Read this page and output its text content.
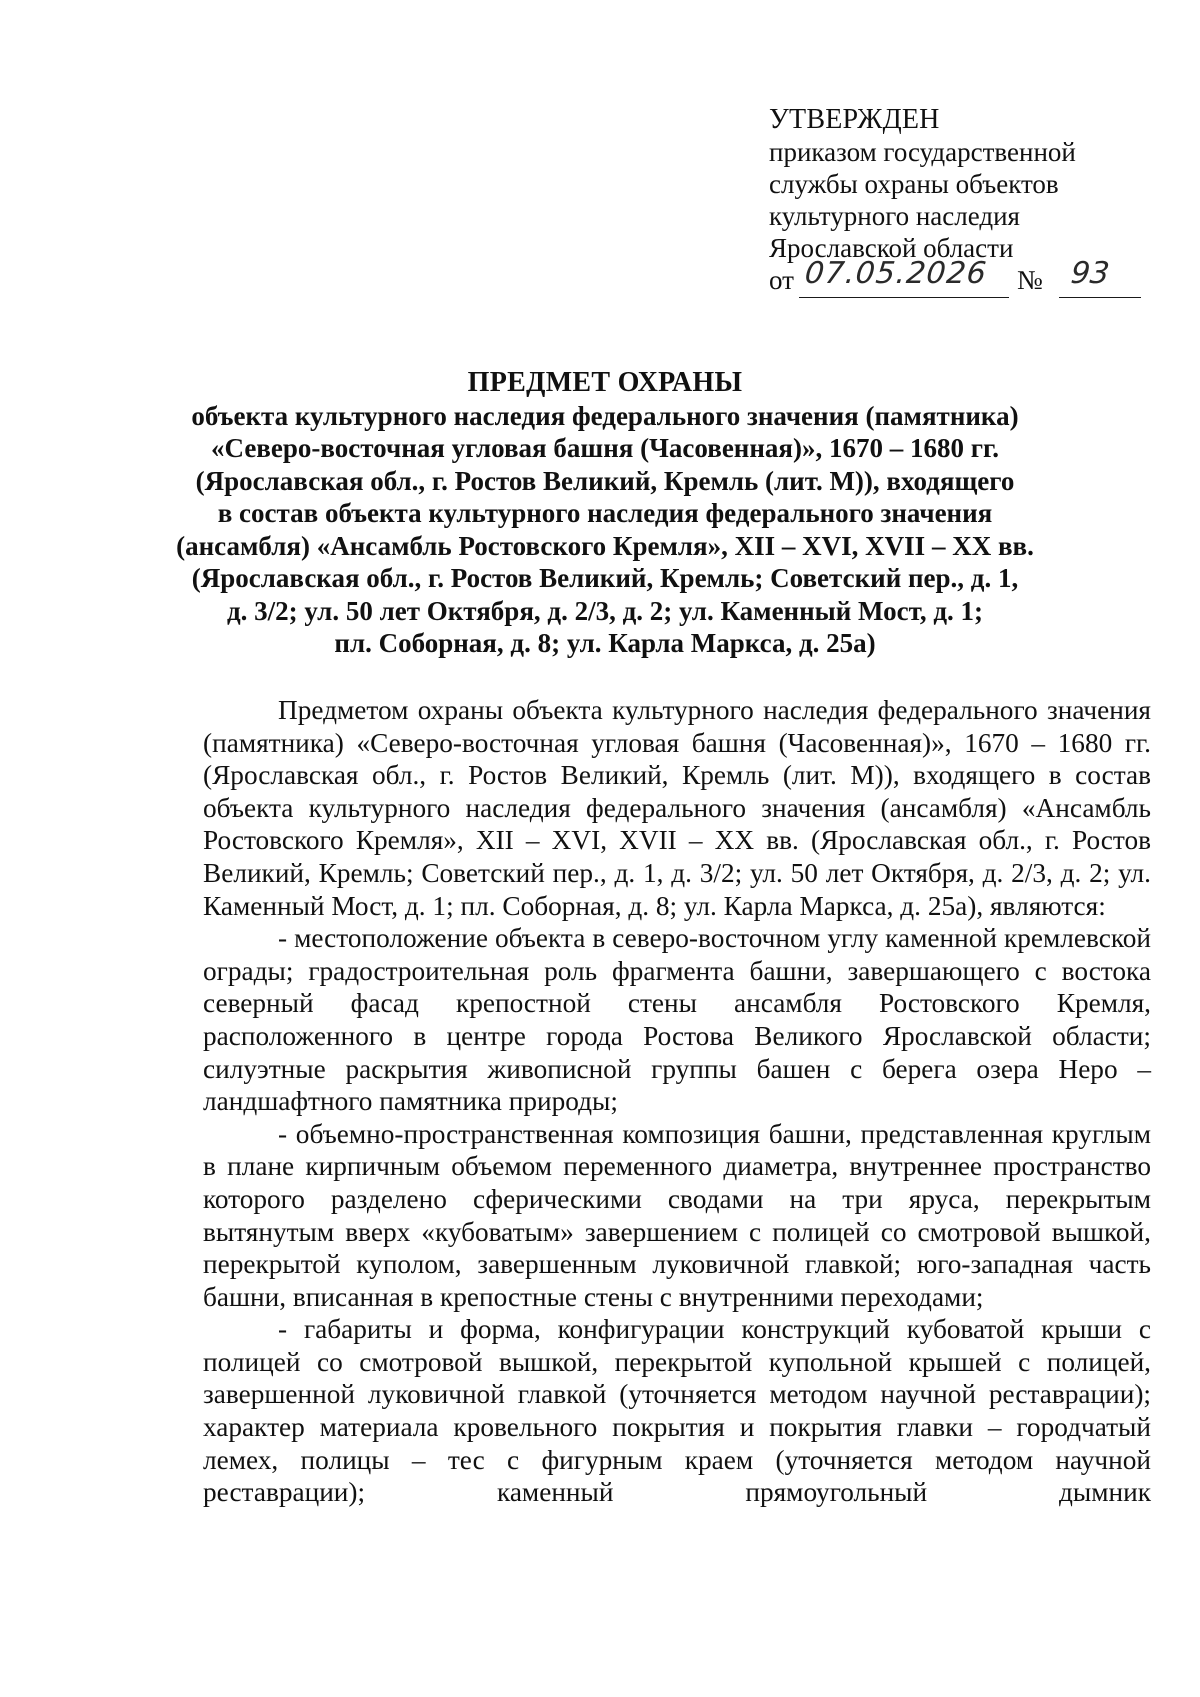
УТВЕРЖДЕН
приказом государственной
службы охраны объектов
культурного наследия
Ярославской области
от 07.05.2026 № 93
ПРЕДМЕТ ОХРАНЫ
объекта культурного наследия федерального значения (памятника)
«Северо-восточная угловая башня (Часовенная)», 1670 – 1680 гг.
(Ярославская обл., г. Ростов Великий, Кремль (лит. М)), входящего
в состав объекта культурного наследия федерального значения
(ансамбля) «Ансамбль Ростовского Кремля», XII – XVI, XVII – XX вв.
(Ярославская обл., г. Ростов Великий, Кремль; Советский пер., д. 1,
д. 3/2; ул. 50 лет Октября, д. 2/3, д. 2; ул. Каменный Мост, д. 1;
пл. Соборная, д. 8; ул. Карла Маркса, д. 25а)

Предметом охраны объекта культурного наследия федерального значения (памятника) «Северо-восточная угловая башня (Часовенная)», 1670 – 1680 гг. (Ярославская обл., г. Ростов Великий, Кремль (лит. М)), входящего в состав объекта культурного наследия федерального значения (ансамбля) «Ансамбль Ростовского Кремля», XII – XVI, XVII – XX вв. (Ярославская обл., г. Ростов Великий, Кремль; Советский пер., д. 1, д. 3/2; ул. 50 лет Октября, д. 2/3, д. 2; ул. Каменный Мост, д. 1; пл. Соборная, д. 8; ул. Карла Маркса, д. 25а), являются:

- местоположение объекта в северо-восточном углу каменной кремлевской ограды; градостроительная роль фрагмента башни, завершающего с востока северный фасад крепостной стены ансамбля Ростовского Кремля, расположенного в центре города Ростова Великого Ярославской области; силуэтные раскрытия живописной группы башен с берега озера Неро – ландшафтного памятника природы;

- объемно-пространственная композиция башни, представленная круглым в плане кирпичным объемом переменного диаметра, внутреннее пространство которого разделено сферическими сводами на три яруса, перекрытым вытянутым вверх «кубоватым» завершением с полицей со смотровой вышкой, перекрытой куполом, завершенным луковичной главкой; юго-западная часть башни, вписанная в крепостные стены с внутренними переходами;

- габариты и форма, конфигурации конструкций кубоватой крыши с полицей со смотровой вышкой, перекрытой купольной крышей с полицей, завершенной луковичной главкой (уточняется методом научной реставрации); характер материала кровельного покрытия и покрытия главки – городчатый лемех, полицы – тес с фигурным краем (уточняется методом научной реставрации); каменный прямоугольный дымник
